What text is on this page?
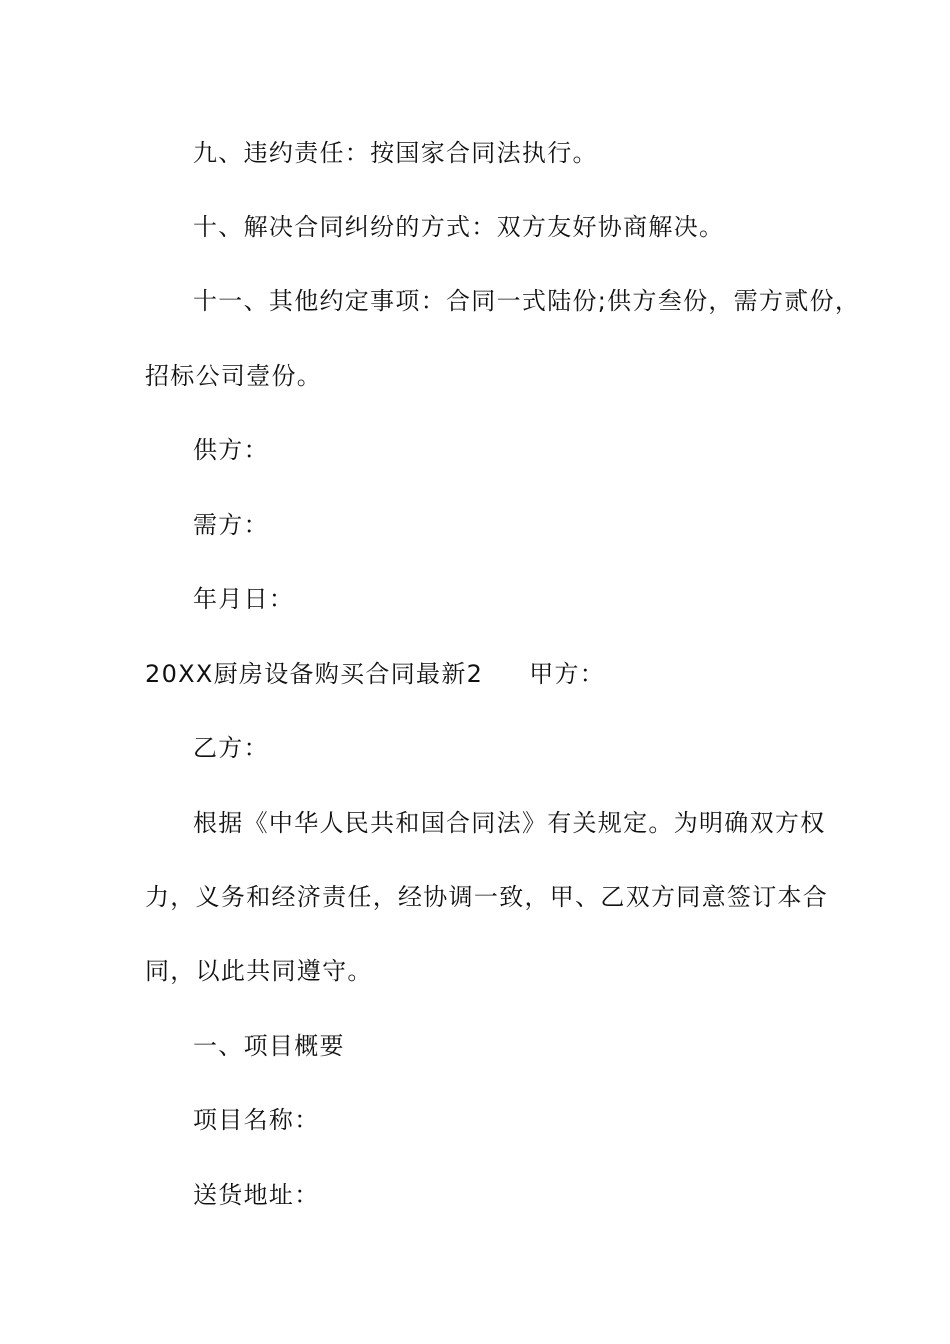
九、违约责任：按国家合同法执行。
十、解决合同纠纷的方式：双方友好协商解决。
十一、其他约定事项：合同一式陆份;供方叁份，需方贰份，
招标公司壹份。
供方：
需方：
年月日：
20XX厨房设备购买合同最新2 甲方：
乙方：
根据《中华人民共和国合同法》有关规定。为明确双方权
力，义务和经济责任，经协调一致，甲、乙双方同意签订本合
同，以此共同遵守。
一、项目概要
项目名称：
送货地址：
